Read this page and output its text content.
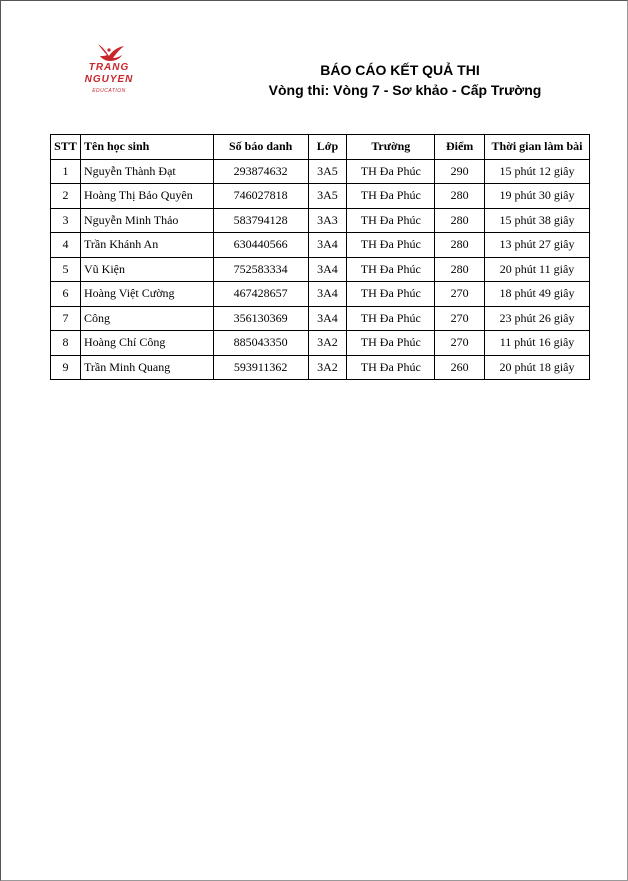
TRANG
NGUYEN
EDUCATION
BÁO CÁO KẾT QUẢ THI
Vòng thi: Vòng 7 - Sơ khảo - Cấp Trường
STT	Tên học sinh	Số báo danh	Lớp	Trường	Điểm	Thời gian làm bài
1	Nguyễn Thành Đạt	293874632	3A5	TH Đa Phúc	290	15 phút 12 giây
2	Hoàng Thị Bảo Quyên	746027818	3A5	TH Đa Phúc	280	19 phút 30 giây
3	Nguyễn Minh Thảo	583794128	3A3	TH Đa Phúc	280	15 phút 38 giây
4	Trần Khánh An	630440566	3A4	TH Đa Phúc	280	13 phút 27 giây
5	Vũ Kiện	752583334	3A4	TH Đa Phúc	280	20 phút 11 giây
6	Hoàng Việt Cường	467428657	3A4	TH Đa Phúc	270	18 phút 49 giây
7	Công	356130369	3A4	TH Đa Phúc	270	23 phút 26 giây
8	Hoàng Chí Công	885043350	3A2	TH Đa Phúc	270	11 phút 16 giây
9	Trần Minh Quang	593911362	3A2	TH Đa Phúc	260	20 phút 18 giây
